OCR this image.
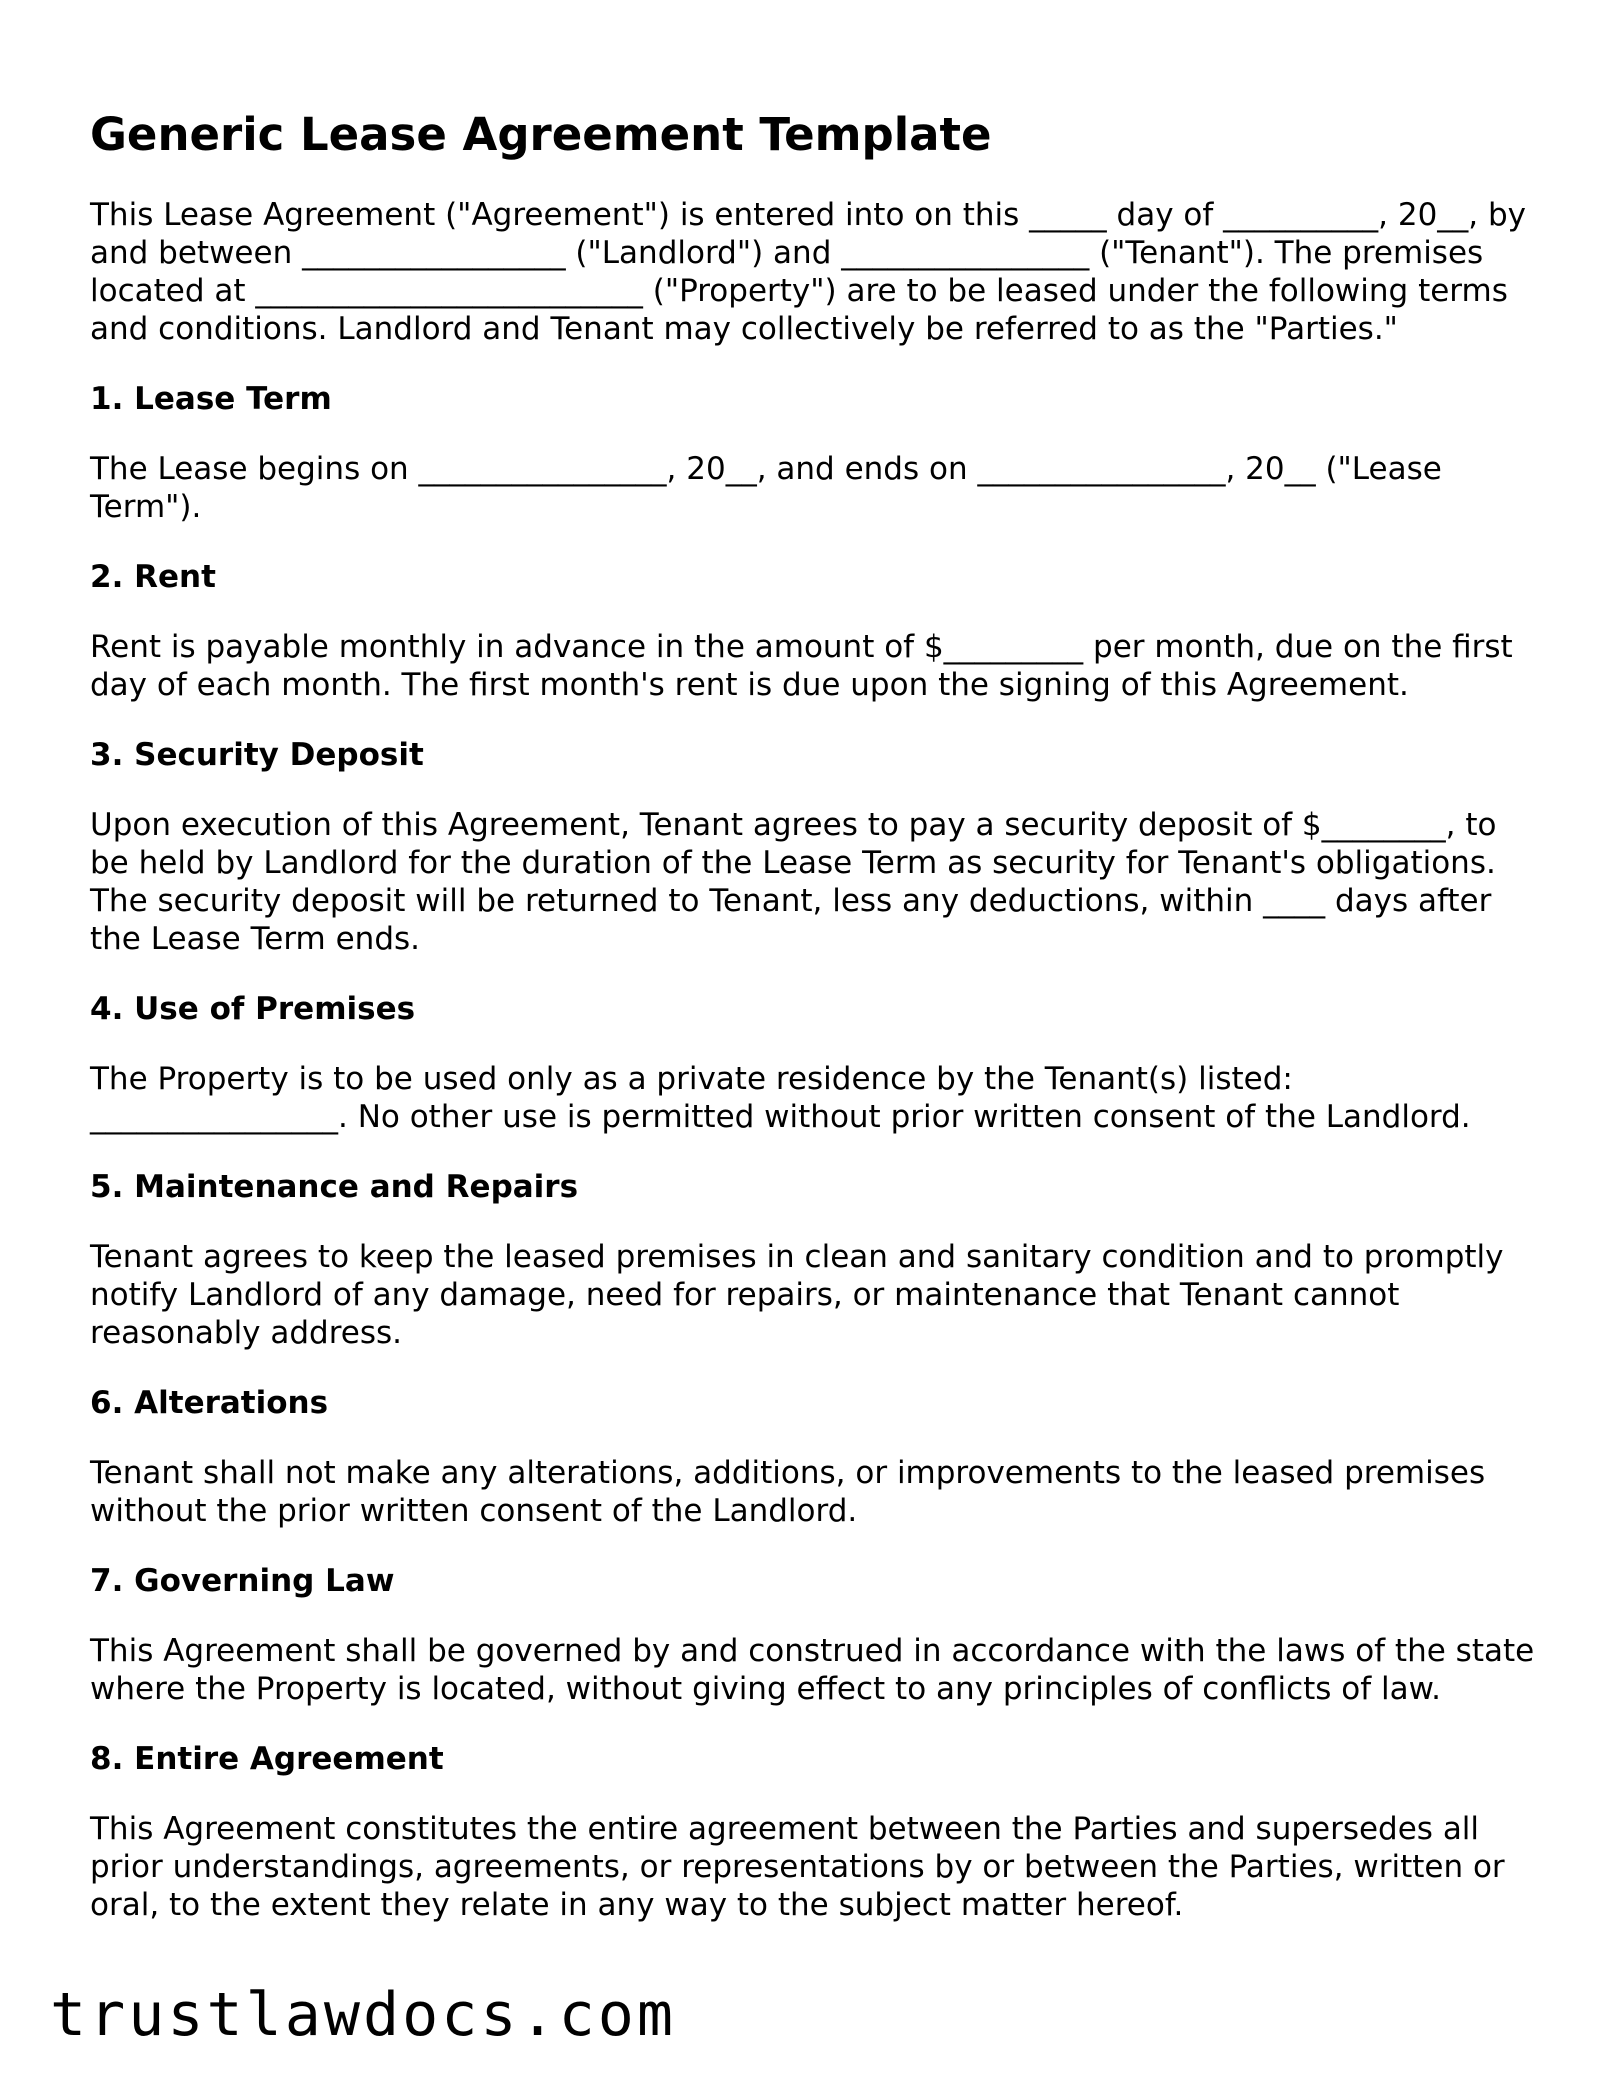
Generic Lease Agreement Template

This Lease Agreement ("Agreement") is entered into on this _____ day of __________, 20__, by and between _________________ ("Landlord") and ________________ ("Tenant"). The premises located at _________________________ ("Property") are to be leased under the following terms and conditions. Landlord and Tenant may collectively be referred to as the "Parties."

1. Lease Term

The Lease begins on ________________, 20__, and ends on ________________, 20__ ("Lease Term").

2. Rent

Rent is payable monthly in advance in the amount of $_________ per month, due on the first day of each month. The first month's rent is due upon the signing of this Agreement.

3. Security Deposit

Upon execution of this Agreement, Tenant agrees to pay a security deposit of $________, to be held by Landlord for the duration of the Lease Term as security for Tenant's obligations. The security deposit will be returned to Tenant, less any deductions, within ____ days after the Lease Term ends.

4. Use of Premises

The Property is to be used only as a private residence by the Tenant(s) listed: ________________. No other use is permitted without prior written consent of the Landlord.

5. Maintenance and Repairs

Tenant agrees to keep the leased premises in clean and sanitary condition and to promptly notify Landlord of any damage, need for repairs, or maintenance that Tenant cannot reasonably address.

6. Alterations

Tenant shall not make any alterations, additions, or improvements to the leased premises without the prior written consent of the Landlord.

7. Governing Law

This Agreement shall be governed by and construed in accordance with the laws of the state where the Property is located, without giving effect to any principles of conflicts of law.

8. Entire Agreement

This Agreement constitutes the entire agreement between the Parties and supersedes all prior understandings, agreements, or representations by or between the Parties, written or oral, to the extent they relate in any way to the subject matter hereof.

trustlawdocs.com
